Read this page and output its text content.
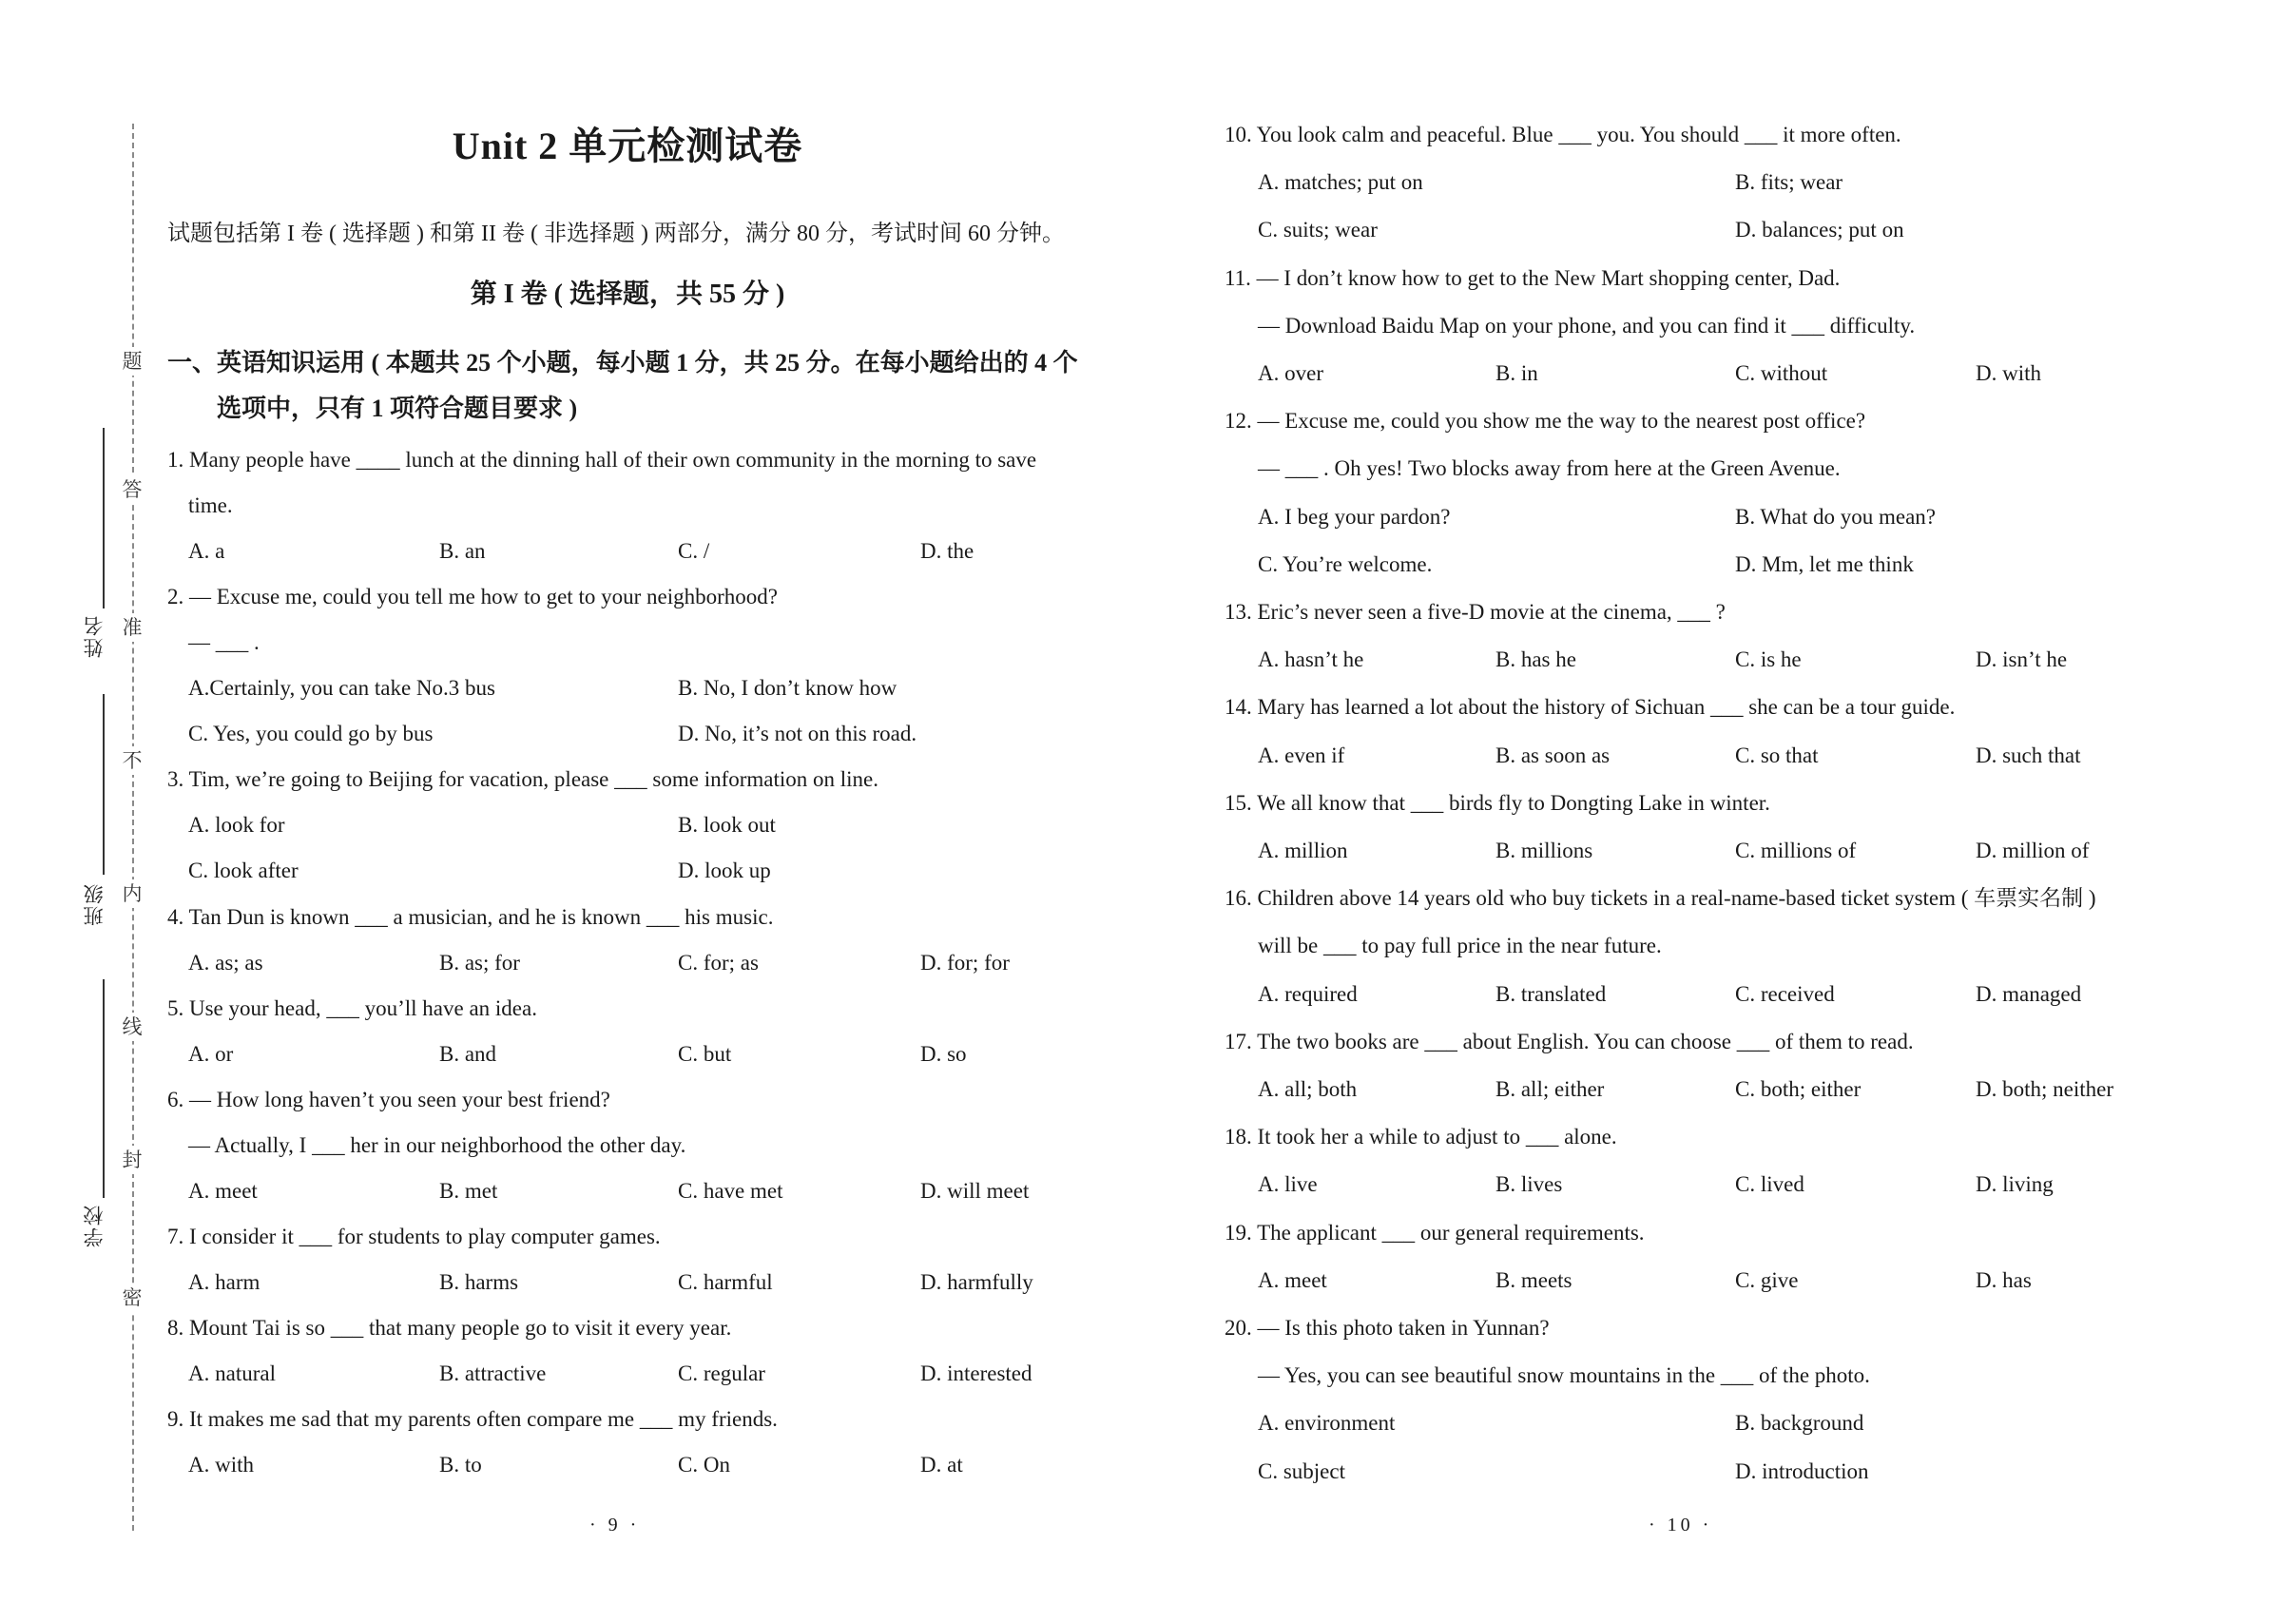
题
答
准
不
内
线
封
密
姓名
班级
学校
Unit 2 单元检测试卷
试题包括第 I 卷 ( 选择题 ) 和第 II 卷 ( 非选择题 ) 两部分，满分 80 分，考试时间 60 分钟。
第 I 卷 ( 选择题，共 55 分 )
一、英语知识运用 ( 本题共 25 个小题，每小题 1 分，共 25 分。在每小题给出的 4 个
选项中，只有 1 项符合题目要求 )
1. Many people have ____ lunch at the dinning hall of their own community in the morning to save
time.
A. a	B. an	C. /	D. the
2. — Excuse me, could you tell me how to get to your neighborhood?
— ___ .
A.Certainly, you can take No.3 bus	B. No, I don’t know how
C. Yes, you could go by bus	D. No, it’s not on this road.
3. Tim, we’re going to Beijing for vacation, please ___ some information on line.
A. look for	B. look out
C. look after	D. look up
4. Tan Dun is known ___ a musician, and he is known ___ his music.
A. as; as	B. as; for	C. for; as	D. for; for
5. Use your head, ___ you’ll have an idea.
A. or	B. and	C. but	D. so
6. — How long haven’t you seen your best friend?
— Actually, I ___ her in our neighborhood the other day.
A. meet	B. met	C. have met	D. will meet
7. I consider it ___ for students to play computer games.
A. harm	B. harms	C. harmful	D. harmfully
8. Mount Tai is so ___ that many people go to visit it every year.
A. natural	B. attractive	C. regular	D. interested
9. It makes me sad that my parents often compare me ___ my friends.
A. with	B. to	C. On	D. at
· 9 ·
10. You look calm and peaceful. Blue ___ you. You should ___ it more often.
A. matches; put on	B. fits; wear
C. suits; wear	D. balances; put on
11. — I don’t know how to get to the New Mart shopping center, Dad.
— Download Baidu Map on your phone, and you can find it ___ difficulty.
A. over	B. in	C. without	D. with
12. — Excuse me, could you show me the way to the nearest post office?
— ___ . Oh yes! Two blocks away from here at the Green Avenue.
A. I beg your pardon?	B. What do you mean?
C. You’re welcome.	D. Mm, let me think
13. Eric’s never seen a five-D movie at the cinema, ___ ?
A. hasn’t he	B. has he	C. is he	D. isn’t he
14. Mary has learned a lot about the history of Sichuan ___ she can be a tour guide.
A. even if	B. as soon as	C. so that	D. such that
15. We all know that ___ birds fly to Dongting Lake in winter.
A. million	B. millions	C. millions of	D. million of
16. Children above 14 years old who buy tickets in a real-name-based ticket system ( 车票实名制 )
will be ___ to pay full price in the near future.
A. required	B. translated	C. received	D. managed
17. The two books are ___ about English. You can choose ___ of them to read.
A. all; both	B. all; either	C. both; either	D. both; neither
18. It took her a while to adjust to ___ alone.
A. live	B. lives	C. lived	D. living
19. The applicant ___ our general requirements.
A. meet	B. meets	C. give	D. has
20. — Is this photo taken in Yunnan?
— Yes, you can see beautiful snow mountains in the ___ of the photo.
A. environment	B. background
C. subject	D. introduction
· 10 ·
